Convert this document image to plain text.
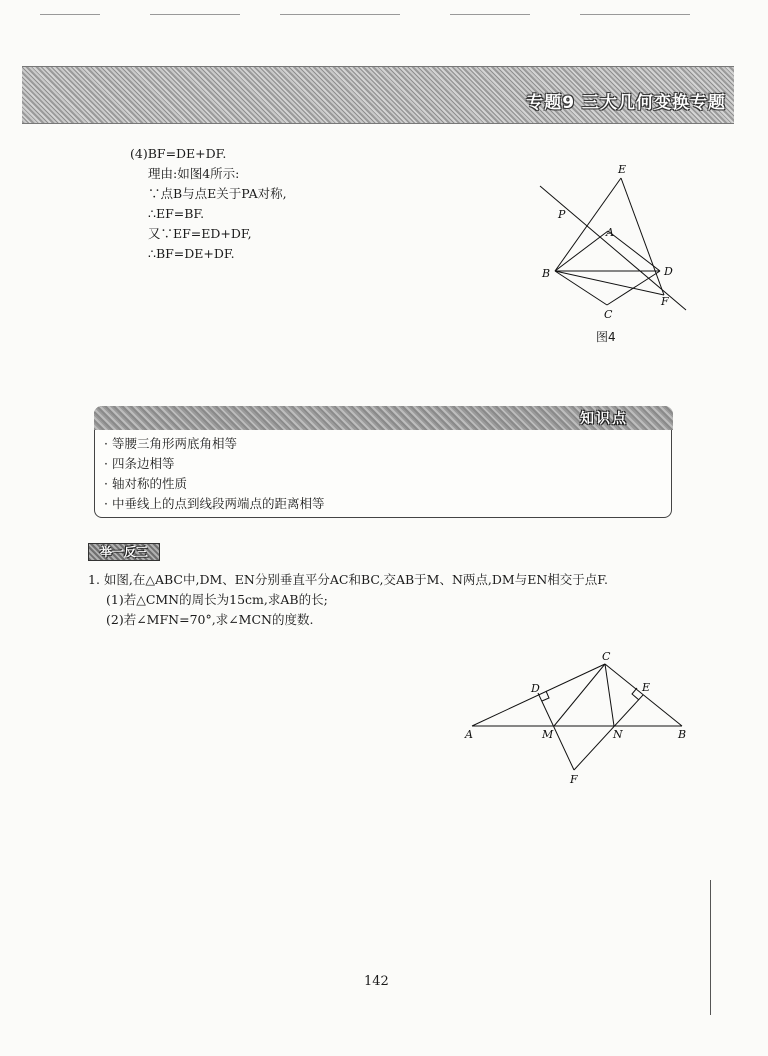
专题9 三大几何变换专题
(4)BF=DE+DF.
理由:如图4所示:
∵点B与点E关于PA对称,
∴EF=BF.
又∵EF=ED+DF,
∴BF=DE+DF.
E
P
A
B	D
F
C
图4
知识点
· 等腰三角形两底角相等
· 四条边相等
· 轴对称的性质
· 中垂线上的点到线段两端点的距离相等
举一反三
1. 如图,在△ABC中,DM、EN分别垂直平分AC和BC,交AB于M、N两点,DM与EN相交于点F.
(1)若△CMN的周长为15cm,求AB的长;
(2)若∠MFN=70°,求∠MCN的度数.
C
D	E
A	M	N	B
F
142
